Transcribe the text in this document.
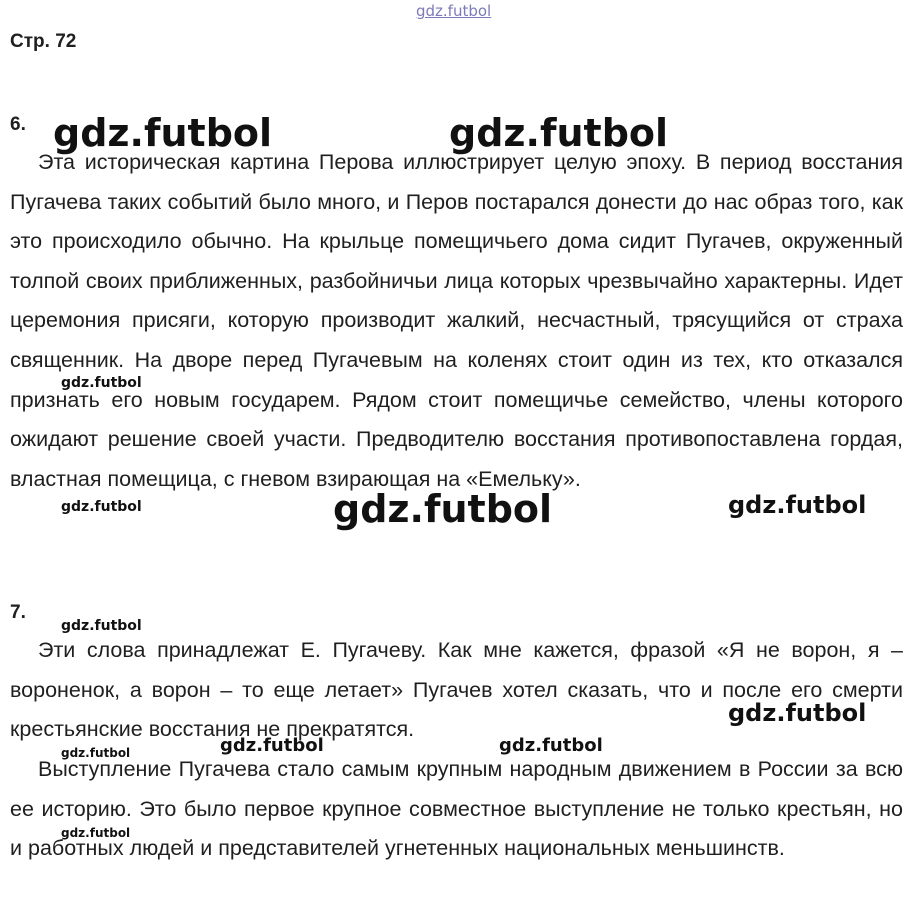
gdz.futbol
Стр. 72
6.

Эта историческая картина Перова иллюстрирует целую эпоху. В период восстания Пугачева таких событий было много, и Перов постарался донести до нас образ того, как это происходило обычно. На крыльце помещичьего дома сидит Пугачев, окруженный толпой своих приближенных, разбойничьи лица которых чрезвычайно характерны. Идет церемония присяги, которую производит жалкий, несчастный, трясущийся от страха священник. На дворе перед Пугачевым на коленях стоит один из тех, кто отказался признать его новым государем. Рядом стоит помещичье семейство, члены которого ожидают решение своей участи. Предводителю восстания противопоставлена гордая, властная помещица, с гневом взирающая на «Емельку».

7.

Эти слова принадлежат Е. Пугачеву. Как мне кажется, фразой «Я не ворон, я – вороненок, а ворон – то еще летает» Пугачев хотел сказать, что и после его смерти крестьянские восстания не прекратятся.

Выступление Пугачева стало самым крупным народным движением в России за всю ее историю. Это было первое крупное совместное выступление не только крестьян, но и работных людей и представителей угнетенных национальных меньшинств.

gdz.futbol	gdz.futbol
gdz.futbol
gdz.futbol	gdz.futbol	gdz.futbol
gdz.futbol
gdz.futbol
gdz.futbol	gdz.futbol
gdz.futbol
gdz.futbol
